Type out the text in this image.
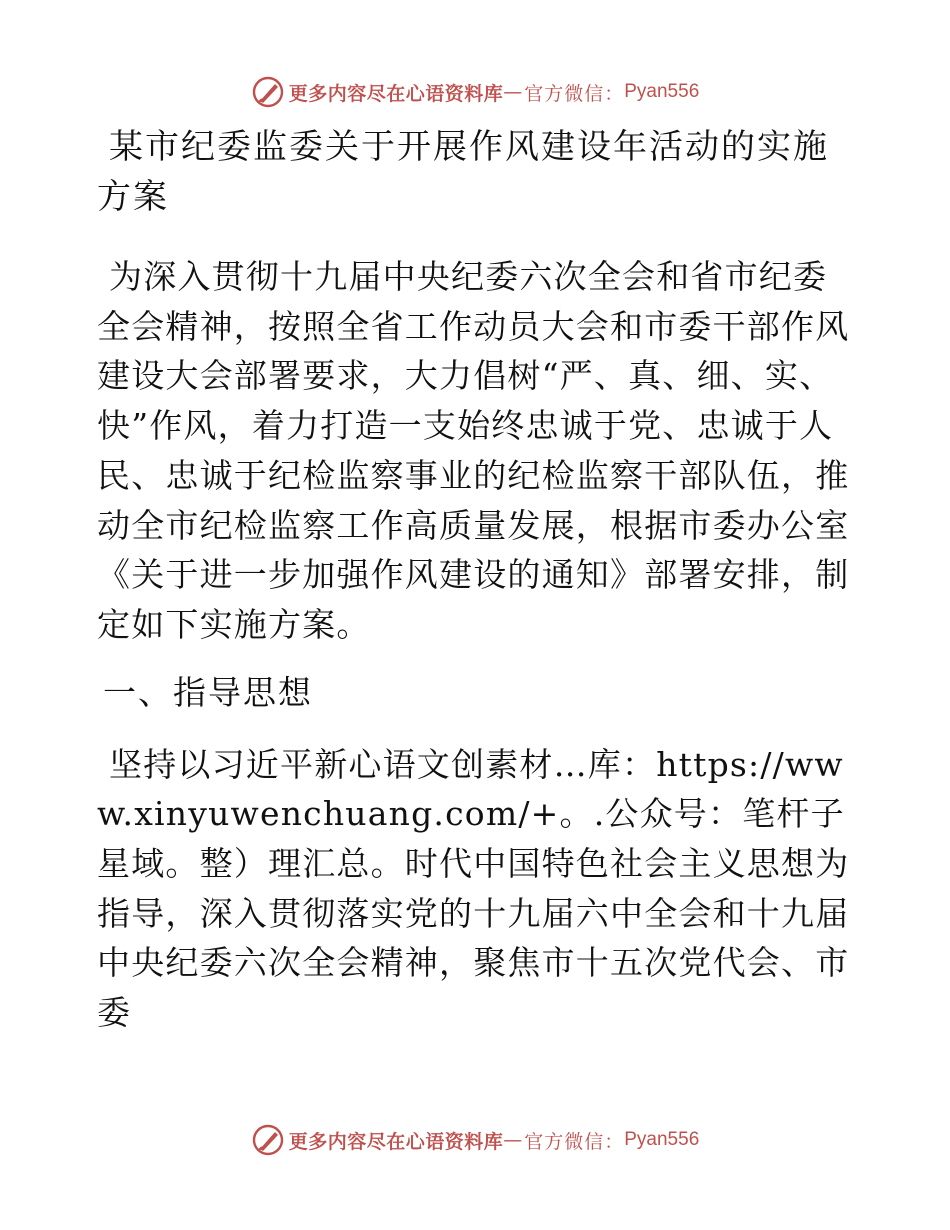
更多内容尽在心语资料库 — 官方微信： Pyan556
某市纪委监委关于开展作风建设年活动的实施方案

为深入贯彻十九届中央纪委六次全会和省市纪委全会精神，按照全省工作动员大会和市委干部作风建设大会部署要求，大力倡树“严、真、细、实、快”作风，着力打造一支始终忠诚于党、忠诚于人民、忠诚于纪检监察事业的纪检监察干部队伍，推动全市纪检监察工作高质量发展，根据市委办公室《关于进一步加强作风建设的通知》部署安排，制定如下实施方案。

一、指导思想

坚持以习近平新心语文创素材…库：https://www.xinyuwenchuang.com/+。.公众号：笔杆子星域。整）理汇总。时代中国特色社会主义思想为指导，深入贯彻落实党的十九届六中全会和十九届中央纪委六次全会精神，聚焦市十五次党代会、市委

更多内容尽在心语资料库 — 官方微信： Pyan556
